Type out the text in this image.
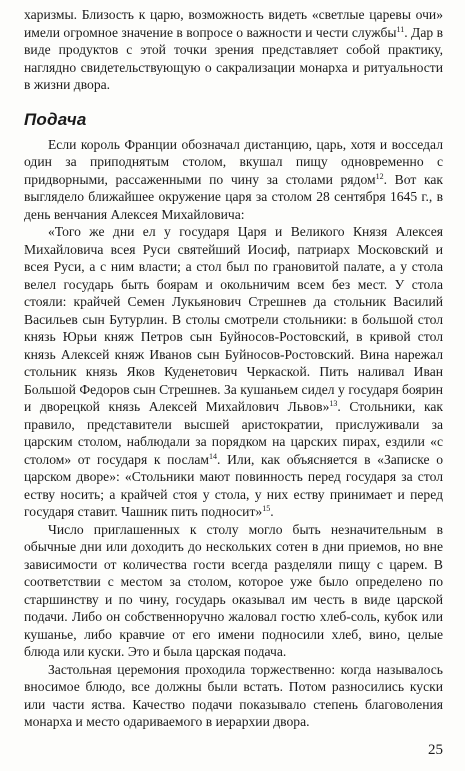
харизмы. Близость к царю, возможность видеть «светлые царевы очи» имели огромное значение в вопросе о важности и чести службы$^{11}$. Дар в виде продуктов с этой точки зрения представляет собой практику, наглядно свидетельствующую о сакрализации монарха и ритуальности в жизни двора.

Подача

Если король Франции обозначал дистанцию, царь, хотя и восседал один за приподнятым столом, вкушал пищу одновременно с придворными, рассаженными по чину за столами рядом$^{12}$. Вот как выглядело ближайшее окружение царя за столом 28 сентября 1645 г., в день венчания Алексея Михайловича:

«Того же дни ел у государя Царя и Великого Князя Алексея Михайловича всея Руси святейший Иосиф, патриарх Московский и всея Руси, а с ним власти; а стол был по грановитой палате, а у стола велел государь быть боярам и окольничим всем без мест. У стола стояли: крайчей Семен Лукьянович Стрешнев да стольник Василий Васильев сын Бутурлин. В столы смотрели стольники: в большой стол князь Юрьи княж Петров сын Буйносов-Ростовский, в кривой стол князь Алексей княж Иванов сын Буйносов-Ростовский. Вина нарежал стольник князь Яков Куденетович Черкаской. Пить наливал Иван Большой Федоров сын Стрешнев. За кушаньем сидел у государя боярин и дворецкой князь Алексей Михайлович Львов»$^{13}$. Стольники, как правило, представители высшей аристократии, прислуживали за царским столом, наблюдали за порядком на царских пирах, ездили «с столом» от государя к послам$^{14}$. Или, как объясняется в «Записке о царском дворе»: «Стольники мают повинность перед государя за стол еству носить; а крайчей стоя у стола, у них еству принимает и перед государя ставит. Чашник пить подносит»$^{15}$.

Число приглашенных к столу могло быть незначительным в обычные дни или доходить до нескольких сотен в дни приемов, но вне зависимости от количества гости всегда разделяли пищу с царем. В соответствии с местом за столом, которое уже было определено по старшинству и по чину, государь оказывал им честь в виде царской подачи. Либо он собственноручно жаловал гостю хлеб-соль, кубок или кушанье, либо кравчие от его имени подносили хлеб, вино, целые блюда или куски. Это и была царская подача.

Застольная церемония проходила торжественно: когда называлось вносимое блюдо, все должны были встать. Потом разносились куски или части яства. Качество подачи показывало степень благоволения монарха и место одариваемого в иерархии двора.

25
